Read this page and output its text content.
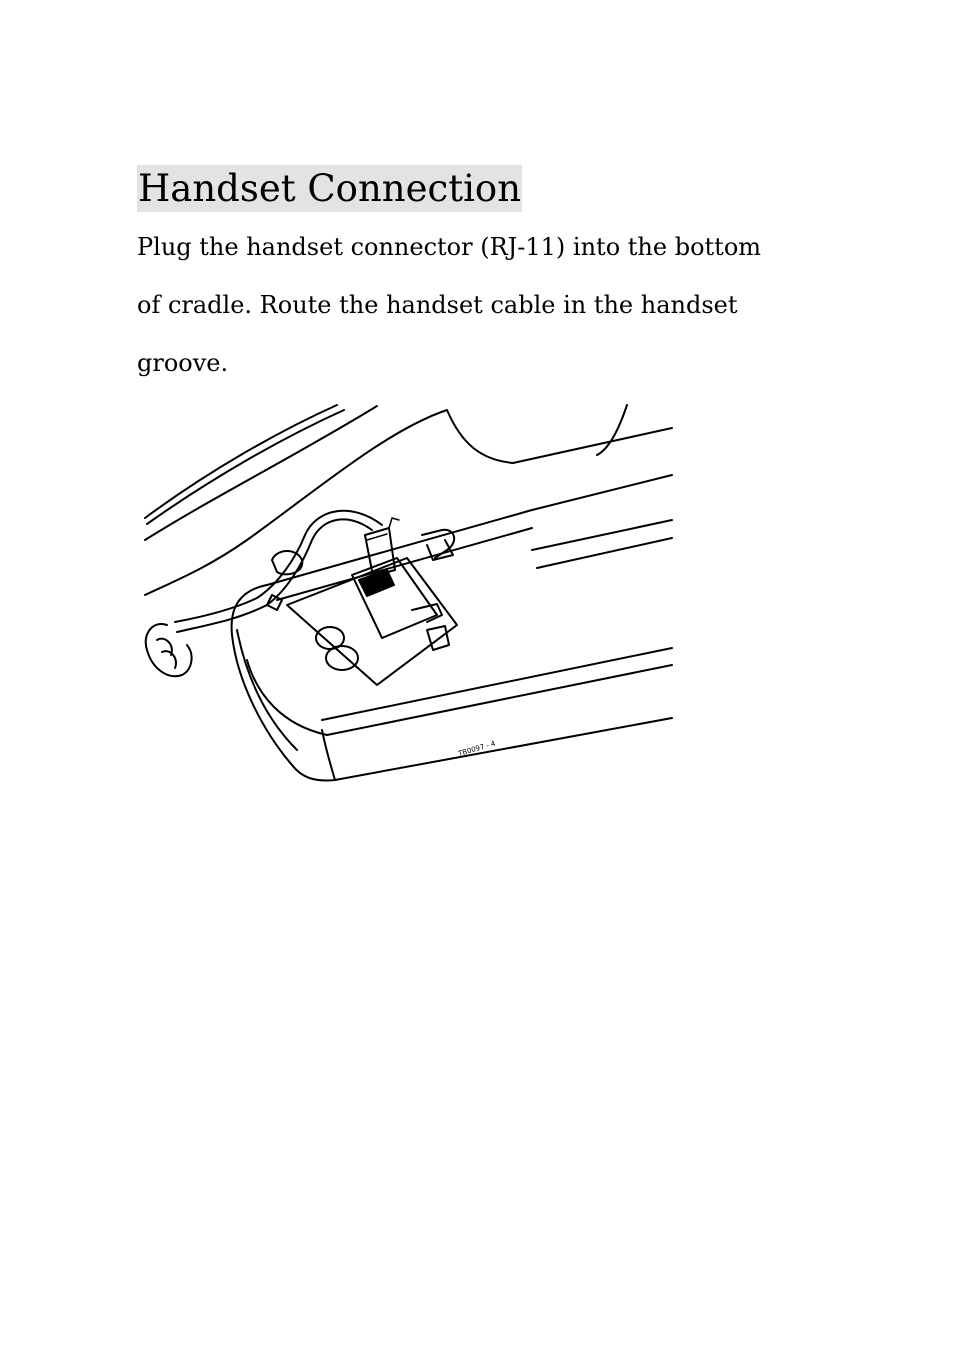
Handset Connection
Plug the handset connector (RJ-11) into the bottom
of cradle. Route the handset cable in the handset
groove.
TB0097 - 4
